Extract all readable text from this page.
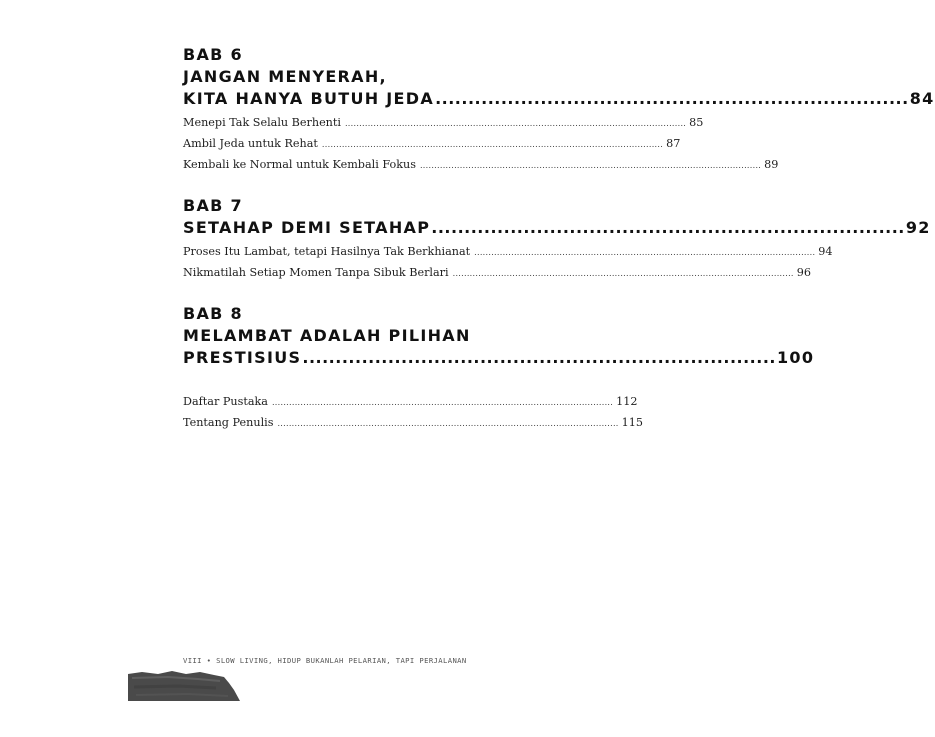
BAB 6
JANGAN MENYERAH,
KITA HANYA BUTUH JEDA ........................................................................ 84
Menepi Tak Selalu Berhenti ........................................................................................................................ 85
Ambil Jeda untuk Rehat ........................................................................................................................ 87
Kembali ke Normal untuk Kembali Fokus ........................................................................................................................ 89
BAB 7
SETAHAP DEMI SETAHAP ........................................................................ 92
Proses Itu Lambat, tetapi Hasilnya Tak Berkhianat ........................................................................................................................ 94
Nikmatilah Setiap Momen Tanpa Sibuk Berlari ........................................................................................................................ 96
BAB 8
MELAMBAT ADALAH PILIHAN
PRESTISIUS ........................................................................ 100
Daftar Pustaka ........................................................................................................................ 112
Tentang Penulis ........................................................................................................................ 115
VIII • SLOW LIVING, HIDUP BUKANLAH PELARIAN, TAPI PERJALANAN
